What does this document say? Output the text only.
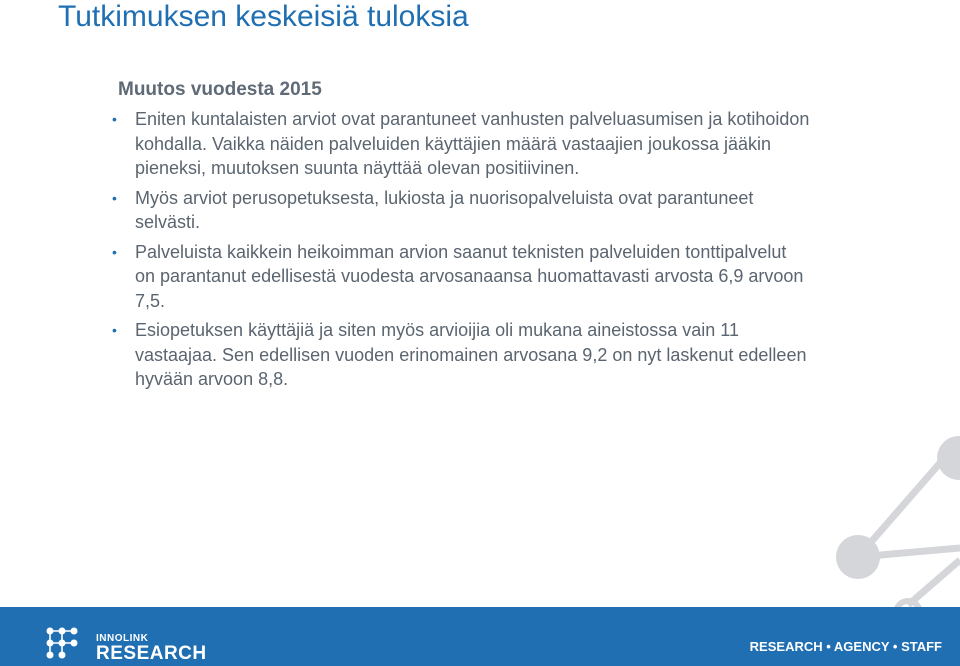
Tutkimuksen keskeisiä tuloksia
Muutos vuodesta 2015
• Eniten kuntalaisten arviot ovat parantuneet vanhusten palveluasumisen ja kotihoidon kohdalla. Vaikka näiden palveluiden käyttäjien määrä vastaajien joukossa jääkin pieneksi, muutoksen suunta näyttää olevan positiivinen.
• Myös arviot perusopetuksesta, lukiosta ja nuorisopalveluista ovat parantuneet selvästi.
• Palveluista kaikkein heikoimman arvion saanut teknisten palveluiden tonttipalvelut on parantanut edellisestä vuodesta arvosanaansa huomattavasti arvosta 6,9 arvoon 7,5.
• Esiopetuksen käyttäjiä ja siten myös arvioijia oli mukana aineistossa vain 11 vastaajaa. Sen edellisen vuoden erinomainen arvosana 9,2 on nyt laskenut edelleen hyvään arvoon 8,8.
INNOLINK
RESEARCH	RESEARCH • AGENCY • STAFF
